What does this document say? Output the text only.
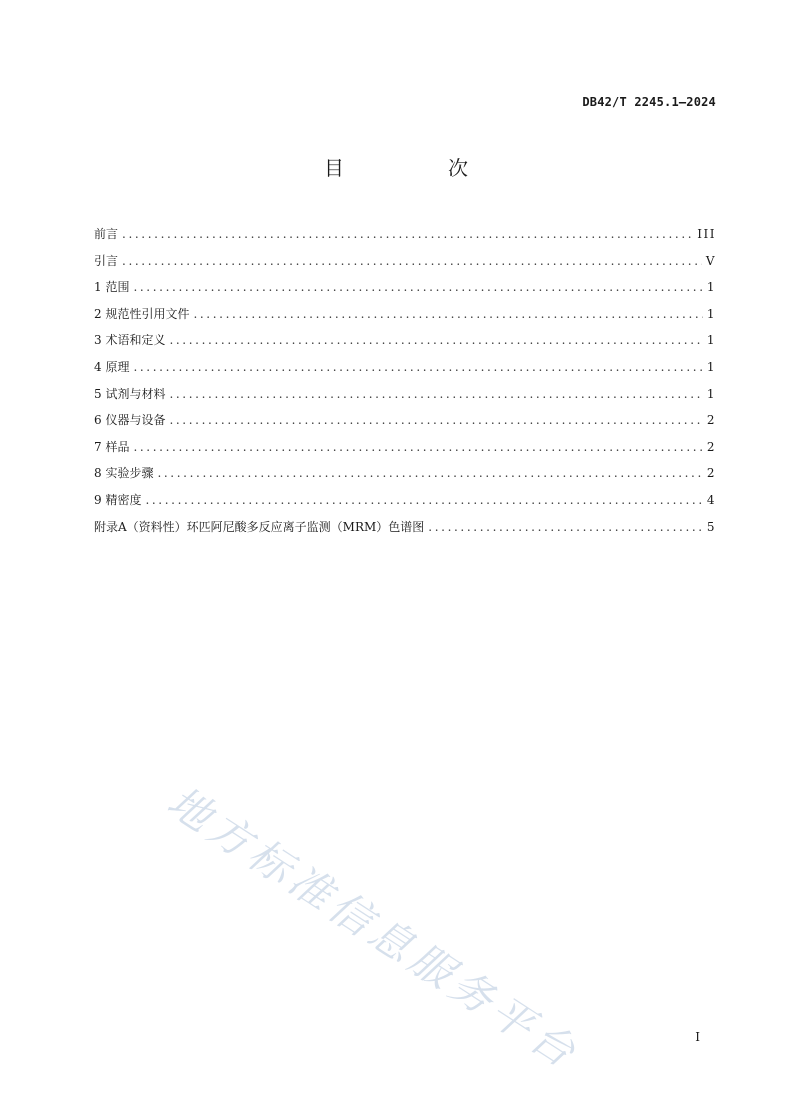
DB42/T 2245.1—2024
目　次
前言 . . .	III
引言 . . .	V
1 范围 . . .	1
2 规范性引用文件 . . .	1
3 术语和定义 . . .	1
4 原理 . . .	1
5 试剂与材料 . . .	1
6 仪器与设备 . . .	2
7 样品 . . .	2
8 实验步骤 . . .	2
9 精密度 . . .	4
附录A（资料性）环匹阿尼酸多反应离子监测（MRM）色谱图 . . .	5
地方标准信息服务平台	I
